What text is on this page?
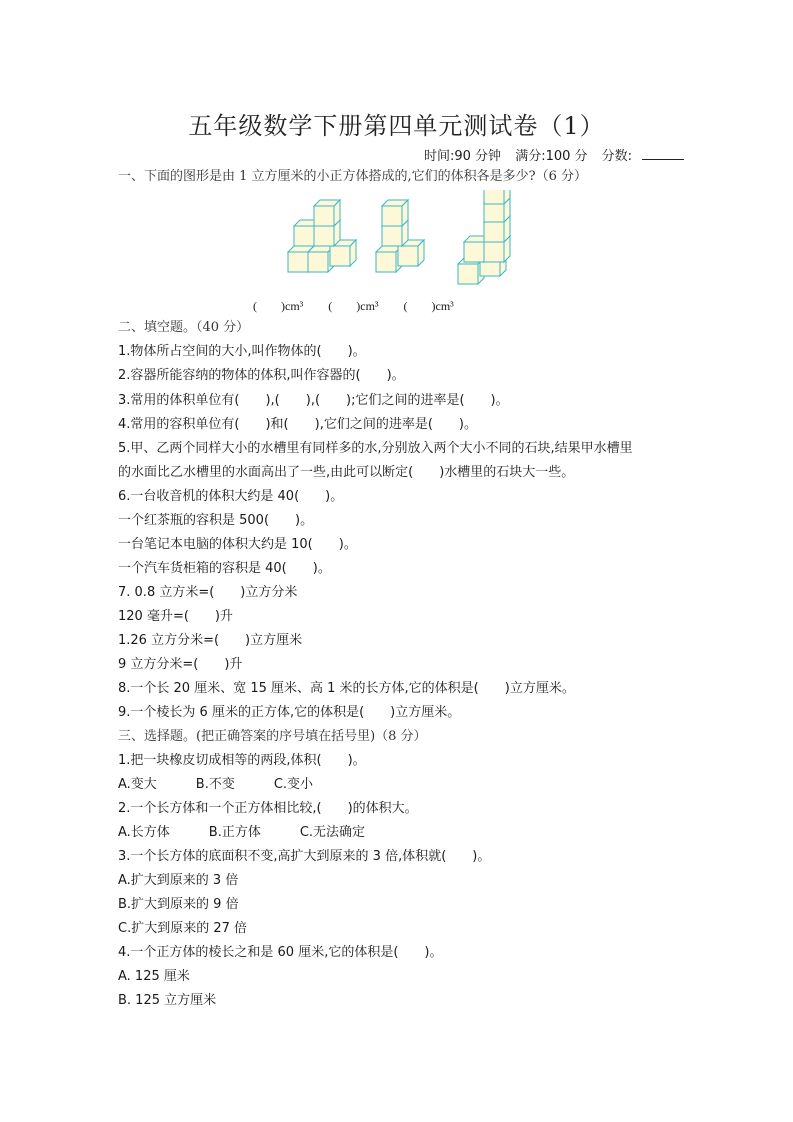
五年级数学下册第四单元测试卷（1）
时间:90 分钟 满分:100 分 分数:
一、下面的图形是由 1 立方厘米的小正方体搭成的,它们的体积各是多少?（6 分）
(　　)cm³ (　　)cm³ (　　)cm³
二、填空题。（40 分）
1.物体所占空间的大小,叫作物体的(　　)。
2.容器所能容纳的物体的体积,叫作容器的(　　)。
3.常用的体积单位有(　　),(　　),(　　);它们之间的进率是(　　)。
4.常用的容积单位有(　　)和(　　),它们之间的进率是(　　)。
5.甲、乙两个同样大小的水槽里有同样多的水,分别放入两个大小不同的石块,结果甲水槽里
的水面比乙水槽里的水面高出了一些,由此可以断定(　　)水槽里的石块大一些。
6.一台收音机的体积大约是 40(　　)。
一个红茶瓶的容积是 500(　　)。
一台笔记本电脑的体积大约是 10(　　)。
一个汽车货柜箱的容积是 40(　　)。
7. 0.8 立方米=(　　)立方分米
120 毫升=(　　)升
1.26 立方分米=(　　)立方厘米
9 立方分米=(　　)升
8.一个长 20 厘米、宽 15 厘米、高 1 米的长方体,它的体积是(　　)立方厘米。
9.一个棱长为 6 厘米的正方体,它的体积是(　　)立方厘米。
三、选择题。(把正确答案的序号填在括号里)（8 分）
1.把一块橡皮切成相等的两段,体积(　　)。
A.变大　　　B.不变　　　C.变小
2.一个长方体和一个正方体相比较,(　　)的体积大。
A.长方体　　　B.正方体　　　C.无法确定
3.一个长方体的底面积不变,高扩大到原来的 3 倍,体积就(　　)。
A.扩大到原来的 3 倍
B.扩大到原来的 9 倍
C.扩大到原来的 27 倍
4.一个正方体的棱长之和是 60 厘米,它的体积是(　　)。
A. 125 厘米
B. 125 立方厘米
